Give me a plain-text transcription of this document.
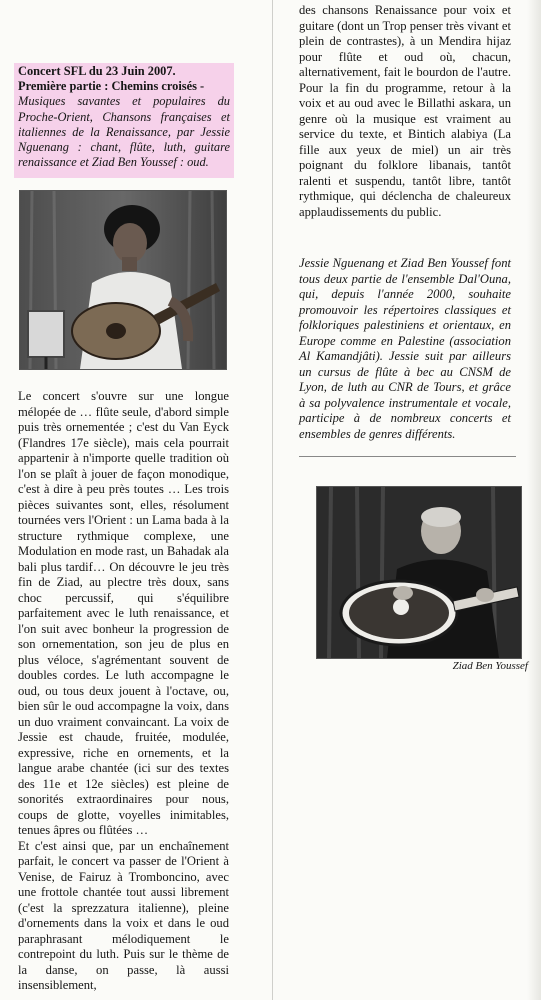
Concert SFL du 23 Juin 2007.
Première partie : Chemins croisés -
Musiques savantes et populaires du Proche-Orient, Chansons françaises et italiennes de la Renaissance, par Jessie Nguenang : chant, flûte, luth, guitare renaissance et Ziad Ben Youssef : oud.

Le concert s'ouvre sur une longue mélopée de … flûte seule, d'abord simple puis très ornementée ; c'est du Van Eyck (Flandres 17e siècle), mais cela pourrait appartenir à n'importe quelle tradition où l'on se plaît à jouer de façon monodique, c'est à dire à peu près toutes … Les trois pièces suivantes sont, elles, résolument tournées vers l'Orient : un Lama bada à la structure rythmique complexe, une Modulation en mode rast, un Bahadak ala bali plus tardif… On découvre le jeu très fin de Ziad, au plectre très doux, sans choc percussif, qui s'équilibre parfaitement avec le luth renaissance, et l'on suit avec bonheur la progression de son ornementation, son jeu de plus en plus véloce, s'agrémentant souvent de doubles cordes. Le luth accompagne le oud, ou tous deux jouent à l'octave, ou, bien sûr le oud accompagne la voix, dans un duo vraiment convaincant. La voix de Jessie est chaude, fruitée, modulée, expressive, riche en ornements, et la langue arabe chantée (ici sur des textes des 11e et 12e siècles) est pleine de sonorités extraordinaires pour nous, coups de glotte, voyelles inimitables, tenues âpres ou flûtées …

Et c'est ainsi que, par un enchaînement parfait, le concert va passer de l'Orient à Venise, de Fairuz à Tromboncino, avec une frottole chantée tout aussi librement (c'est la sprezzatura italienne), pleine d'ornements dans la voix et dans le oud paraphrasant mélodiquement le contrepoint du luth. Puis sur le thème de la danse, on passe, là aussi insensiblement,

des chansons Renaissance pour voix et guitare (dont un Trop penser très vivant et plein de contrastes), à un Mendira hijaz pour flûte et oud où, chacun, alternativement, fait le bourdon de l'autre. Pour la fin du programme, retour à la voix et au oud avec le Billathi askara, un genre où la musique est vraiment au service du texte, et Bintich alabiya (La fille aux yeux de miel) un air très poignant du folklore libanais, tantôt ralenti et suspendu, tantôt libre, tantôt rythmique, qui déclencha de chaleureux applaudissements du public.

Jessie Nguenang et Ziad Ben Youssef font tous deux partie de l'ensemble Dal'Ouna, qui, depuis l'année 2000, souhaite promouvoir les répertoires classiques et folkloriques palestiniens et orientaux, en Europe comme en Palestine (association Al Kamandjâti). Jessie suit par ailleurs un cursus de flûte à bec au CNSM de Lyon, de luth au CNR de Tours, et grâce à sa polyvalence instrumentale et vocale, participe à de nombreux concerts et ensembles de genres différents.

Ziad Ben Youssef
